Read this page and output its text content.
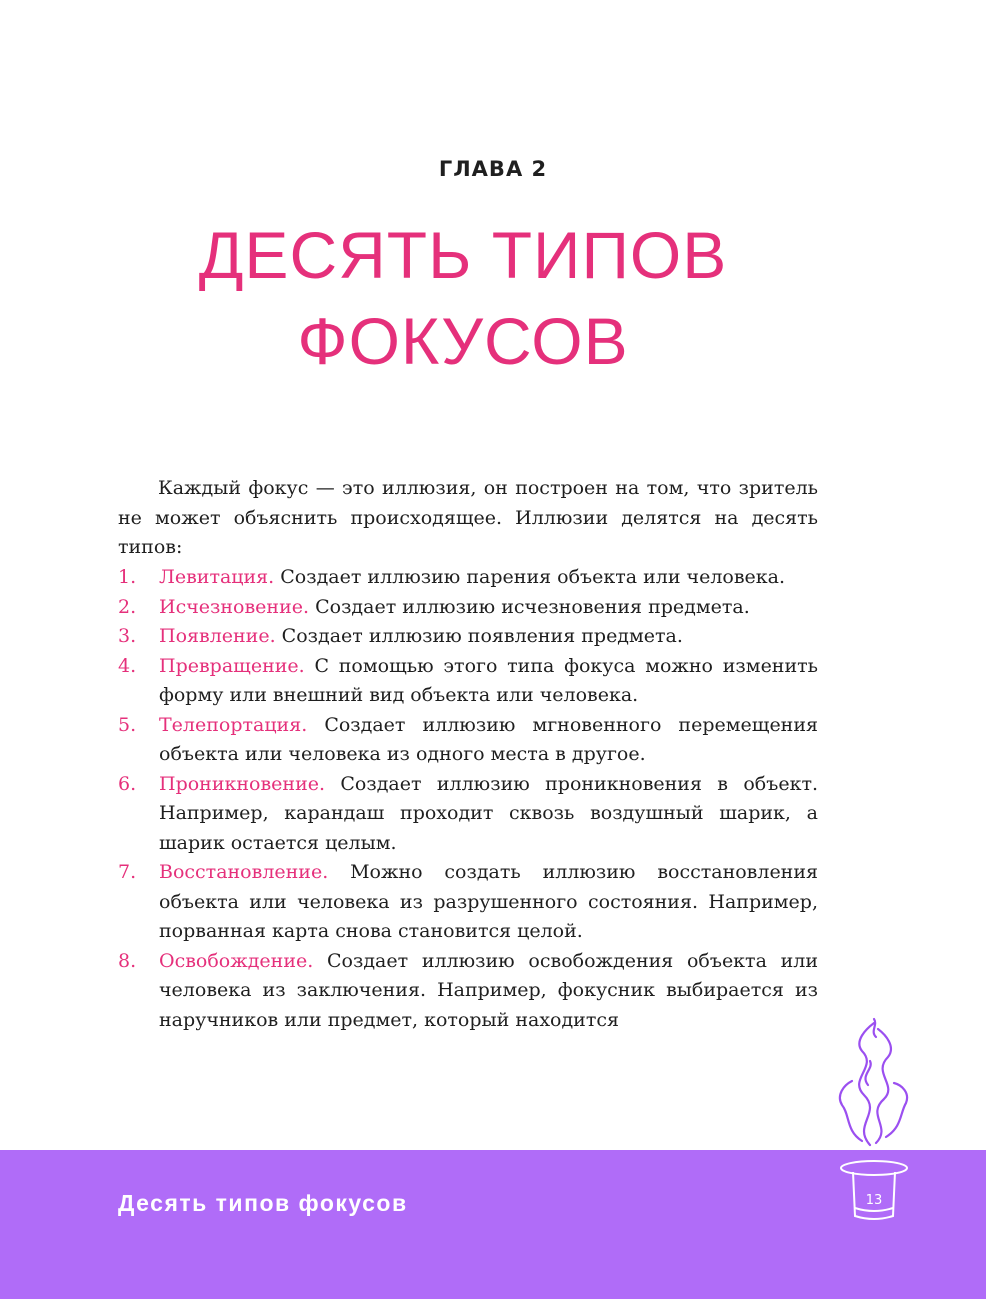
ГЛАВА 2
ДЕСЯТЬ ТИПОВ
ФОКУСОВ

Каждый фокус — это иллюзия, он построен на том, что зритель не может объяснить происходящее. Иллюзии делятся на десять типов:

1. Левитация. Создает иллюзию парения объекта или человека.
2. Исчезновение. Создает иллюзию исчезновения предмета.
3. Появление. Создает иллюзию появления предмета.
4. Превращение. С помощью этого типа фокуса можно изменить форму или внешний вид объекта или человека.
5. Телепортация. Создает иллюзию мгновенного перемещения объекта или человека из одного места в другое.
6. Проникновение. Создает иллюзию проникновения в объект. Например, карандаш проходит сквозь воздушный шарик, а шарик остается целым.
7. Восстановление. Можно создать иллюзию восстановления объекта или человека из разрушенного состояния. Например, порванная карта снова становится целой.
8. Освобождение. Создает иллюзию освобождения объекта или человека из заключения. Например, фокусник выбирается из наручников или предмет, который находится
Десять типов фокусов	13
